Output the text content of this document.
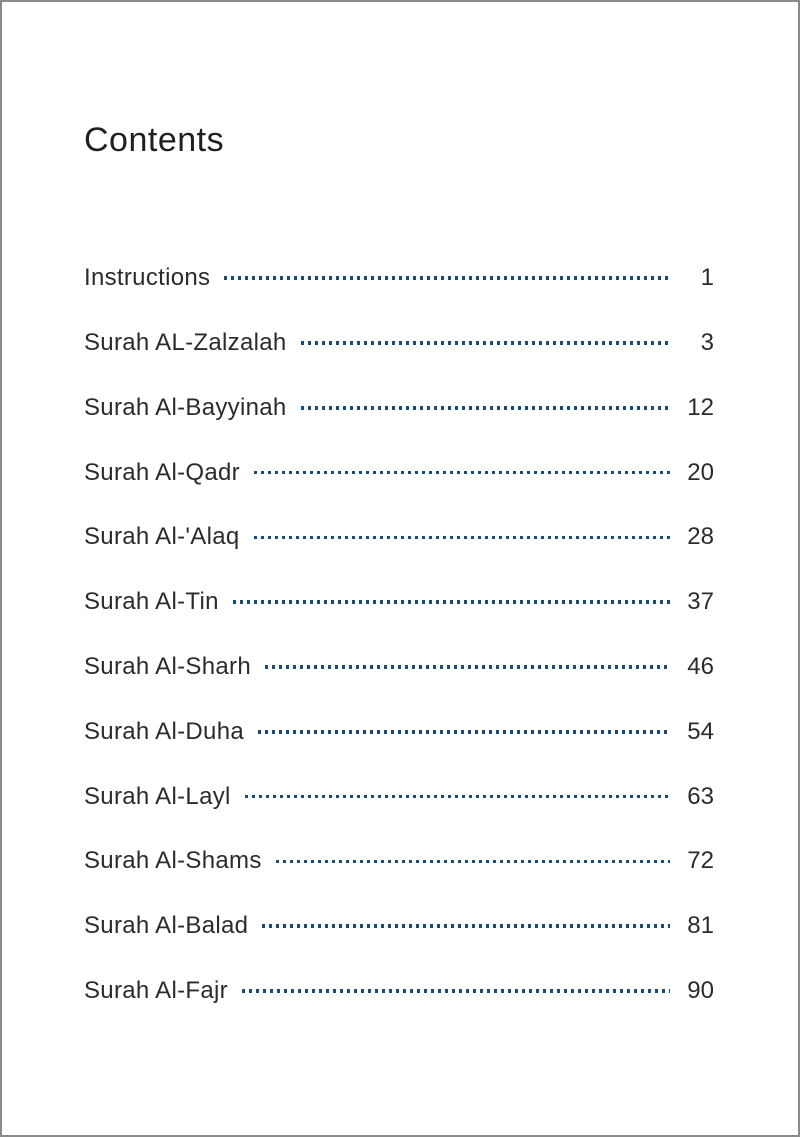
Contents
Instructions	1
Surah AL-Zalzalah	3
Surah Al-Bayyinah	12
Surah Al-Qadr	20
Surah Al-'Alaq	28
Surah Al-Tin	37
Surah Al-Sharh	46
Surah Al-Duha	54
Surah Al-Layl	63
Surah Al-Shams	72
Surah Al-Balad	81
Surah Al-Fajr	90
